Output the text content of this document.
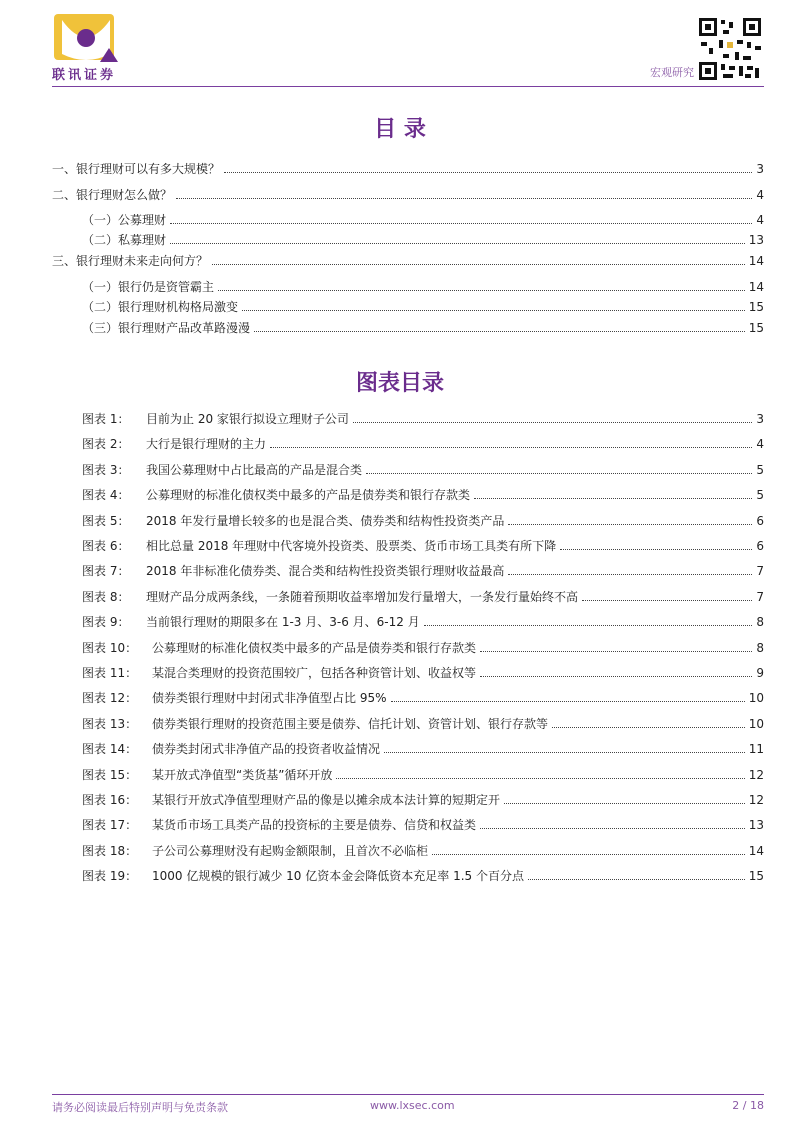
联讯证券	宏观研究
目 录
一、银行理财可以有多大规模？	3
二、银行理财怎么做？	4
（一）公募理财	4
（二）私募理财	13
三、银行理财未来走向何方？	14
（一）银行仍是资管霸主	14
（二）银行理财机构格局激变	15
（三）银行理财产品改革路漫漫	15
图表目录
图表 1：	目前为止 20 家银行拟设立理财子公司	3
图表 2：	大行是银行理财的主力	4
图表 3：	我国公募理财中占比最高的产品是混合类	5
图表 4：	公募理财的标准化债权类中最多的产品是债券类和银行存款类	5
图表 5：	2018 年发行量增长较多的也是混合类、债券类和结构性投资类产品	6
图表 6：	相比总量 2018 年理财中代客境外投资类、股票类、货币市场工具类有所下降	6
图表 7：	2018 年非标准化债券类、混合类和结构性投资类银行理财收益最高	7
图表 8：	理财产品分成两条线，一条随着预期收益率增加发行量增大，一条发行量始终不高	7
图表 9：	当前银行理财的期限多在 1-3 月、3-6 月、6-12 月	8
图表 10：	公募理财的标准化债权类中最多的产品是债券类和银行存款类	8
图表 11：	某混合类理财的投资范围较广，包括各种资管计划、收益权等	9
图表 12：	债券类银行理财中封闭式非净值型占比 95%	10
图表 13：	债券类银行理财的投资范围主要是债券、信托计划、资管计划、银行存款等	10
图表 14：	债券类封闭式非净值产品的投资者收益情况	11
图表 15：	某开放式净值型“类货基”循环开放	12
图表 16：	某银行开放式净值型理财产品的像是以摊余成本法计算的短期定开	12
图表 17：	某货币市场工具类产品的投资标的主要是债券、信贷和权益类	13
图表 18：	子公司公募理财没有起购金额限制，且首次不必临柜	14
图表 19：	1000 亿规模的银行减少 10 亿资本金会降低资本充足率 1.5 个百分点	15
请务必阅读最后特别声明与免责条款	www.lxsec.com	2 / 18
